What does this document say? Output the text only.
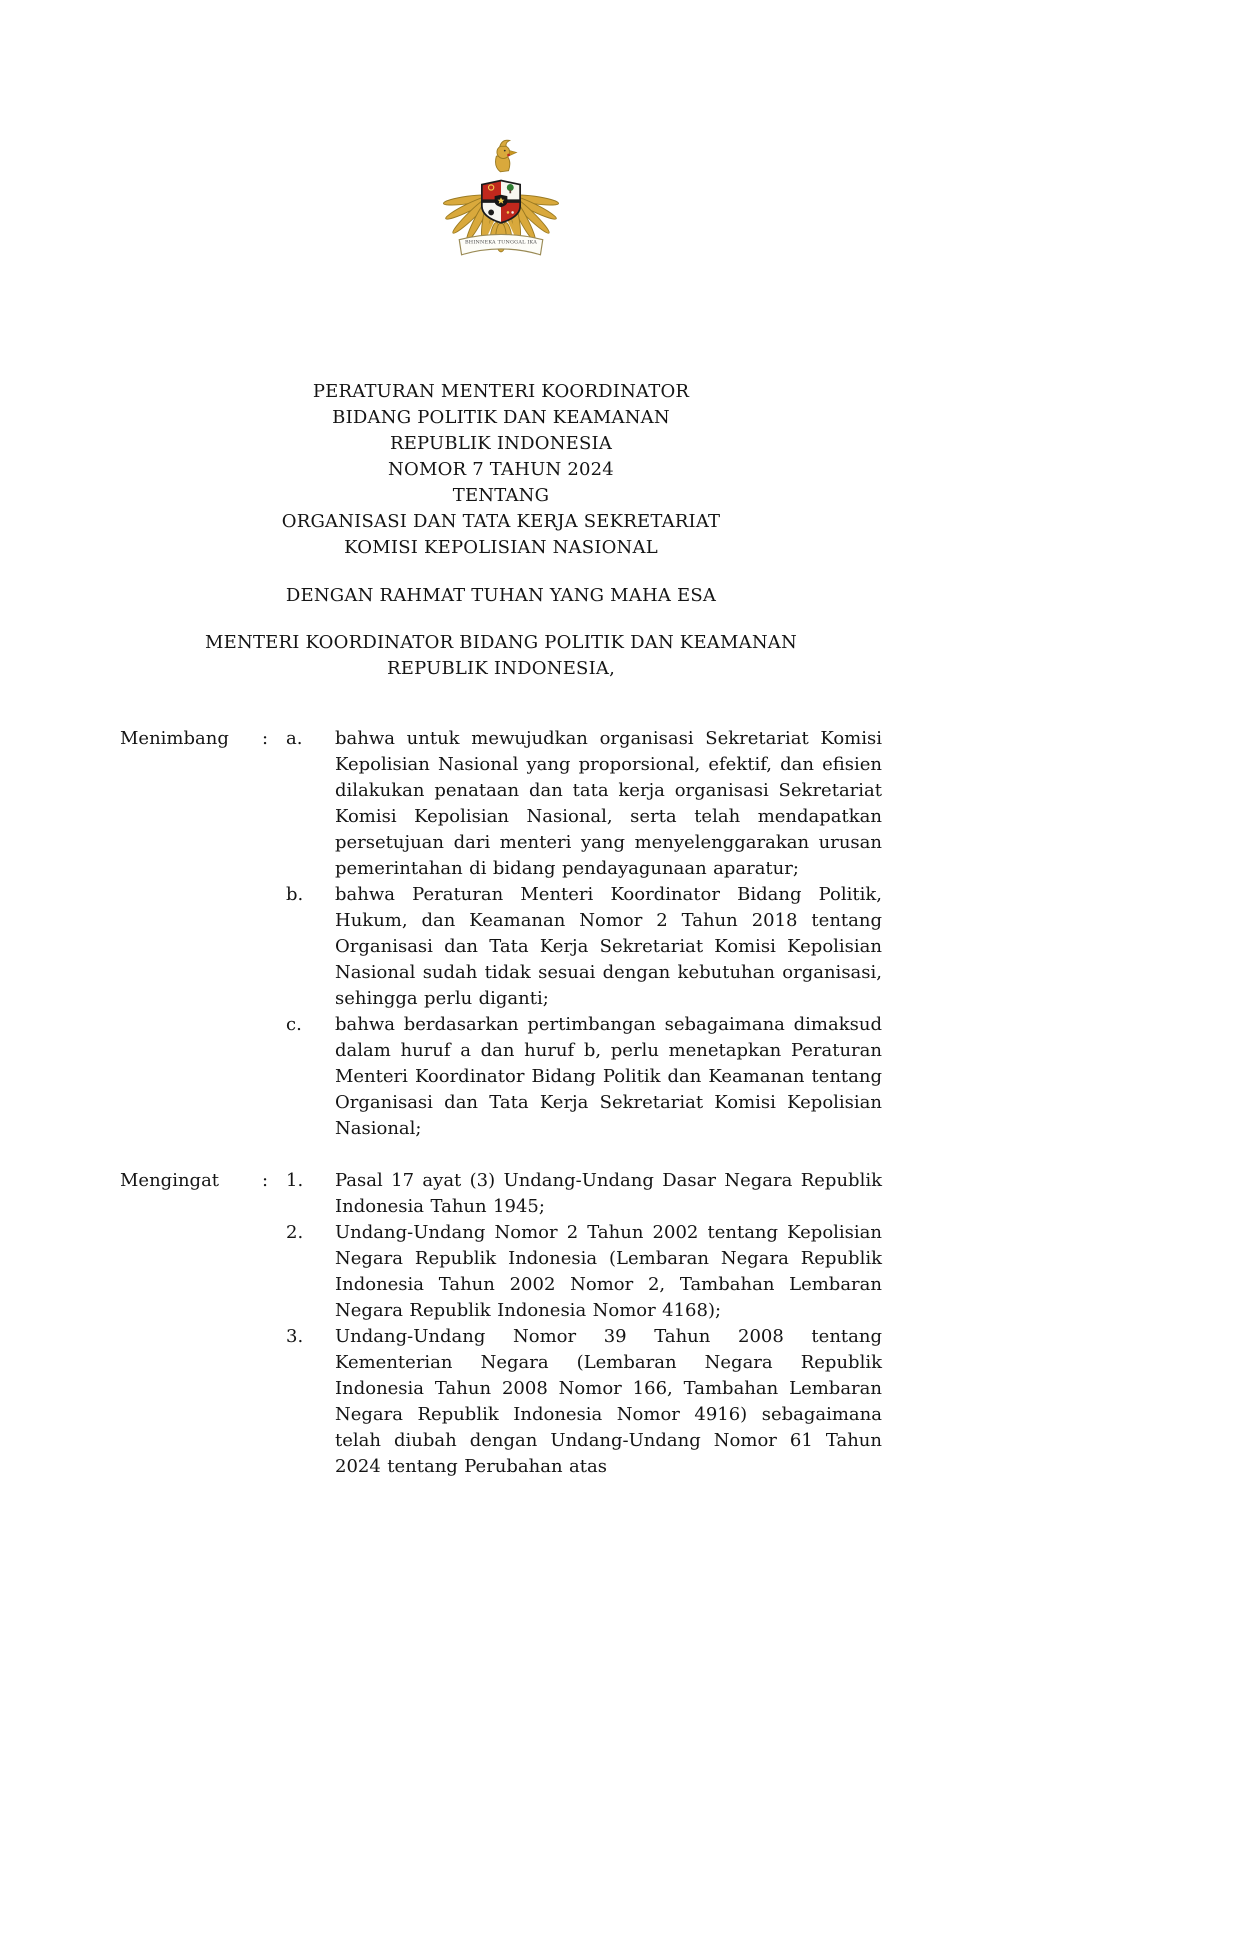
BHINNEKA TUNGGAL IKA
PERATURAN MENTERI KOORDINATOR
BIDANG POLITIK DAN KEAMANAN
REPUBLIK INDONESIA
NOMOR 7 TAHUN 2024
TENTANG
ORGANISASI DAN TATA KERJA SEKRETARIAT
KOMISI KEPOLISIAN NASIONAL
DENGAN RAHMAT TUHAN YANG MAHA ESA
MENTERI KOORDINATOR BIDANG POLITIK DAN KEAMANAN
REPUBLIK INDONESIA,
Menimbang	: a.	bahwa untuk mewujudkan organisasi Sekretariat Komisi Kepolisian Nasional yang proporsional, efektif, dan efisien dilakukan penataan dan tata kerja organisasi Sekretariat Komisi Kepolisian Nasional, serta telah mendapatkan persetujuan dari menteri yang menyelenggarakan urusan pemerintahan di bidang pendayagunaan aparatur;
b.	bahwa Peraturan Menteri Koordinator Bidang Politik, Hukum, dan Keamanan Nomor 2 Tahun 2018 tentang Organisasi dan Tata Kerja Sekretariat Komisi Kepolisian Nasional sudah tidak sesuai dengan kebutuhan organisasi, sehingga perlu diganti;
c.	bahwa berdasarkan pertimbangan sebagaimana dimaksud dalam huruf a dan huruf b, perlu menetapkan Peraturan Menteri Koordinator Bidang Politik dan Keamanan tentang Organisasi dan Tata Kerja Sekretariat Komisi Kepolisian Nasional;
Mengingat	: 1.	Pasal 17 ayat (3) Undang-Undang Dasar Negara Republik Indonesia Tahun 1945;
2.	Undang-Undang Nomor 2 Tahun 2002 tentang Kepolisian Negara Republik Indonesia (Lembaran Negara Republik Indonesia Tahun 2002 Nomor 2, Tambahan Lembaran Negara Republik Indonesia Nomor 4168);
3.	Undang-Undang Nomor 39 Tahun 2008 tentang Kementerian Negara (Lembaran Negara Republik Indonesia Tahun 2008 Nomor 166, Tambahan Lembaran Negara Republik Indonesia Nomor 4916) sebagaimana telah diubah dengan Undang-Undang Nomor 61 Tahun 2024 tentang Perubahan atas
